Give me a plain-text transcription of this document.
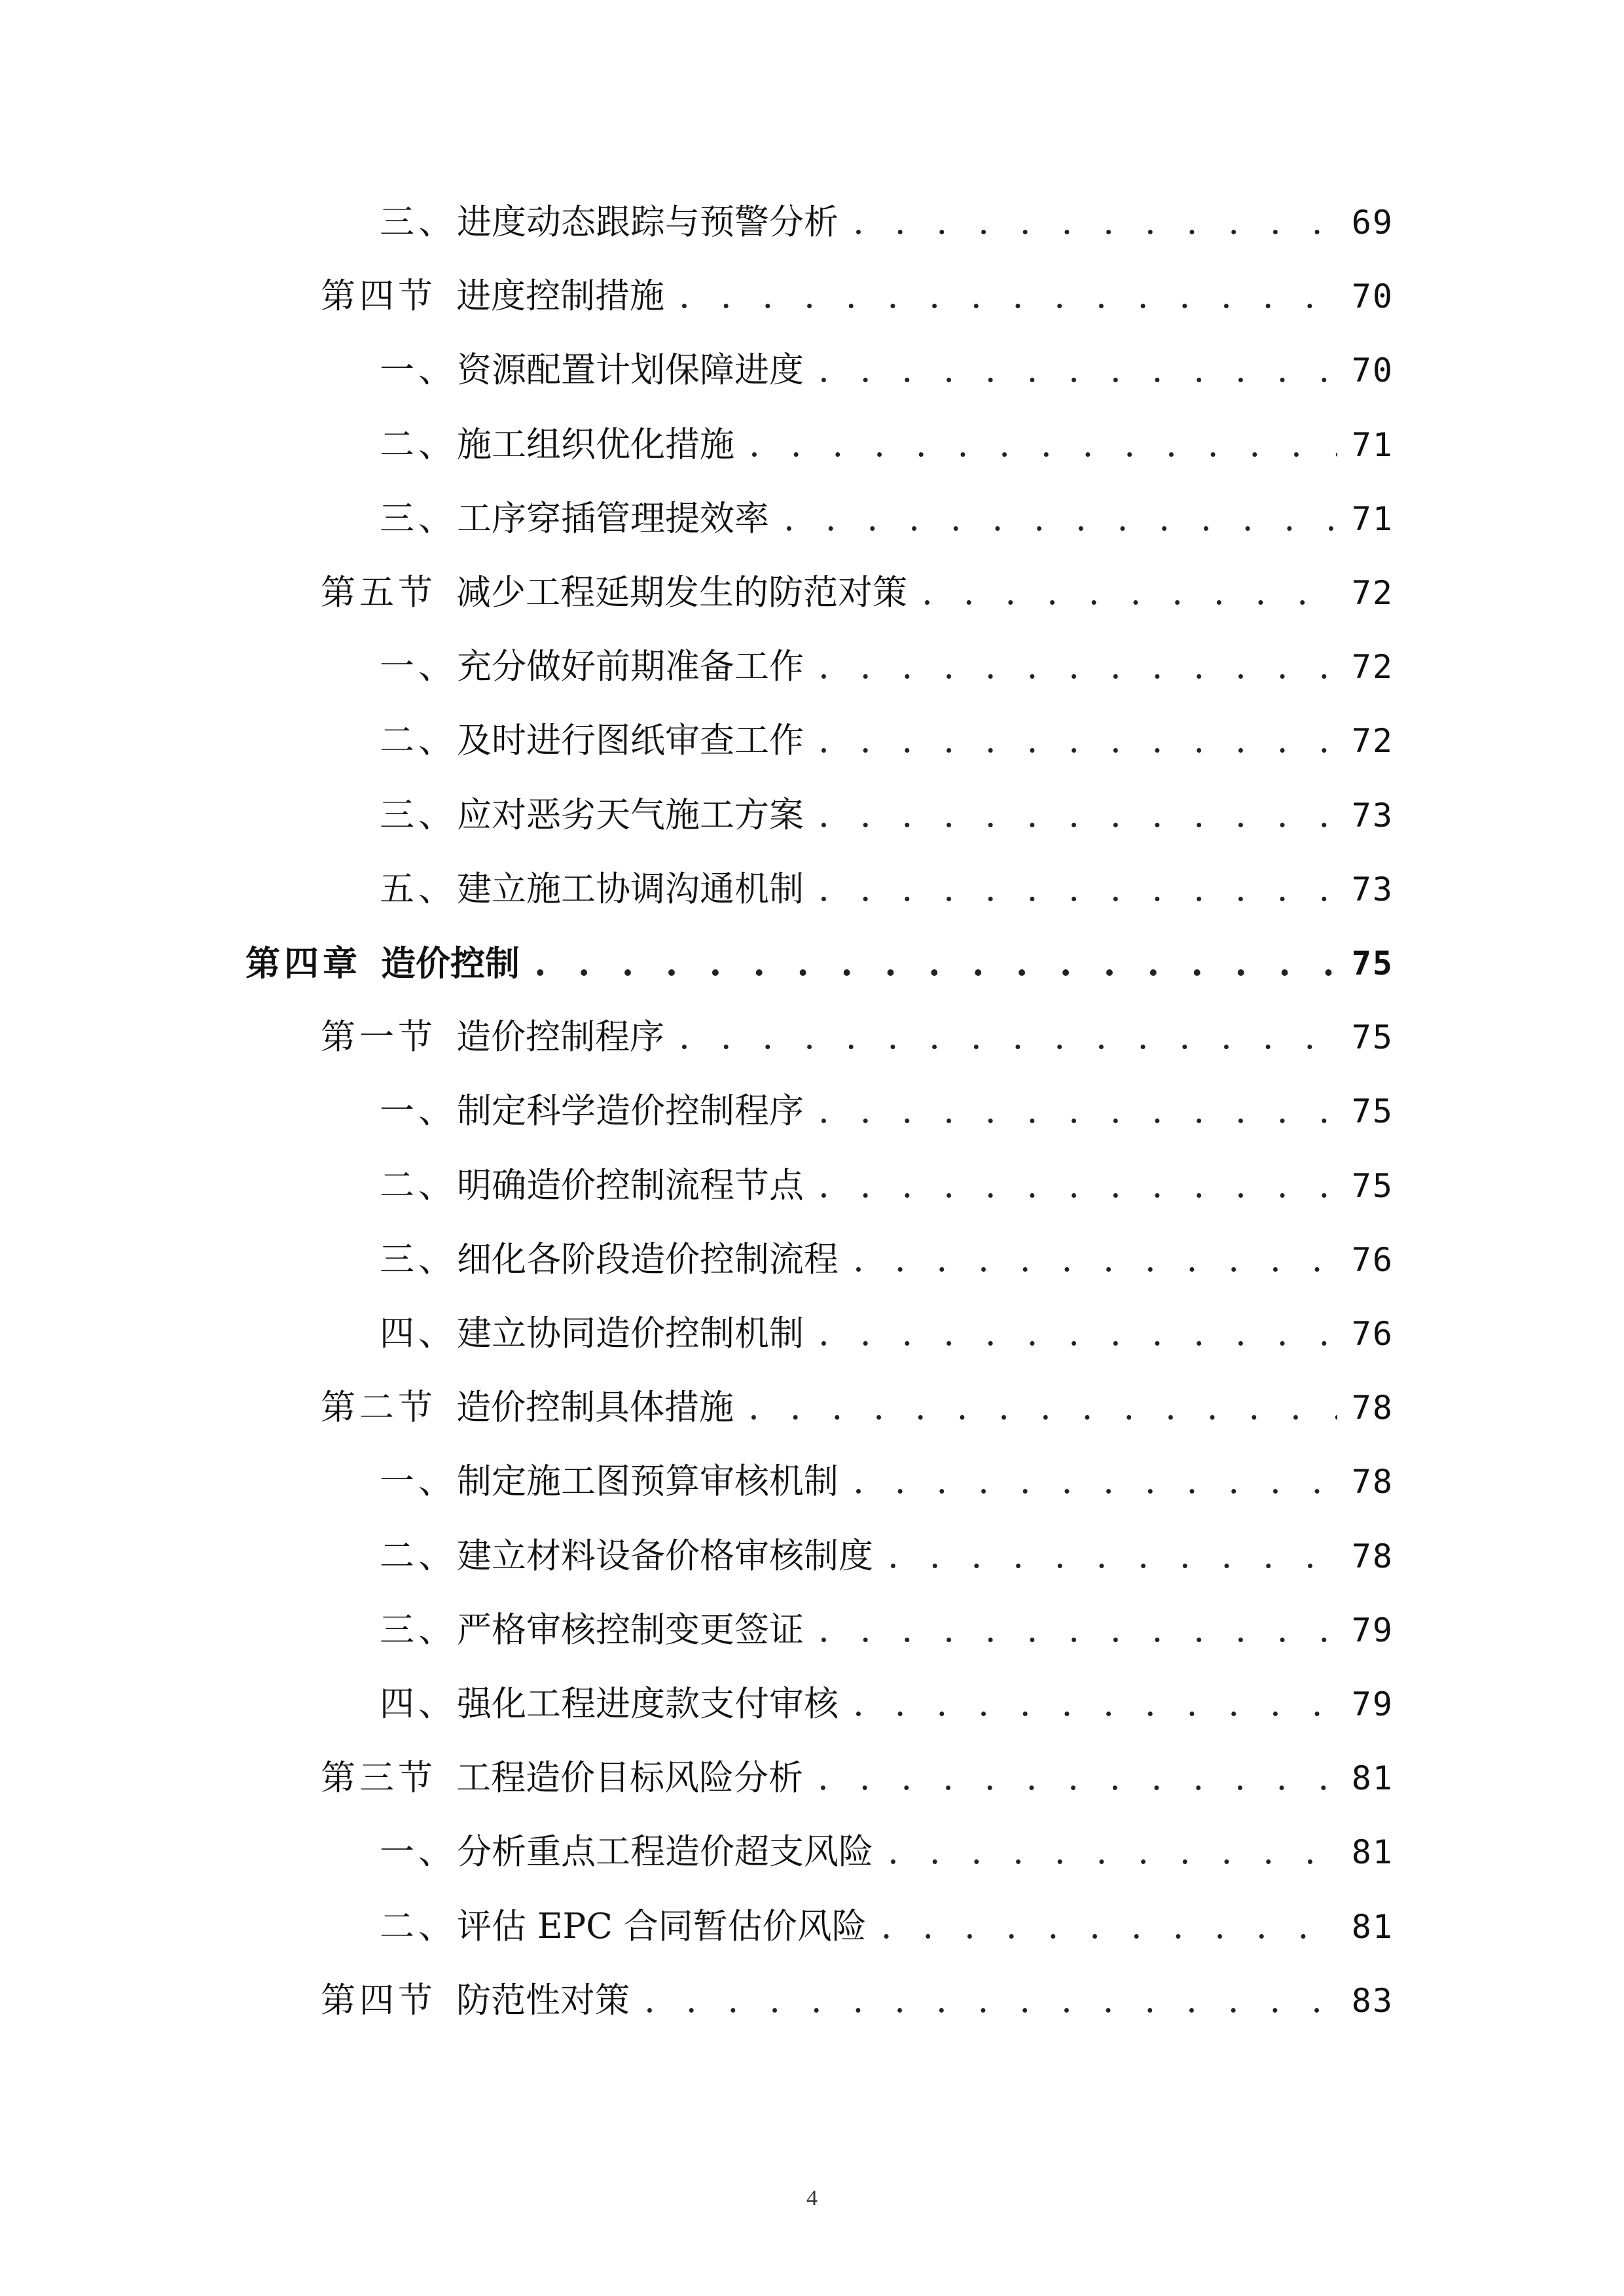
三、进度动态跟踪与预警分析 . . .	69
第四节 进度控制措施 . . .	70
一、资源配置计划保障进度 . . .	70
二、施工组织优化措施 . . .	71
三、工序穿插管理提效率 . . .	71
第五节 减少工程延期发生的防范对策 . . .	72
一、充分做好前期准备工作 . . .	72
二、及时进行图纸审查工作 . . .	72
三、应对恶劣天气施工方案 . . .	73
五、建立施工协调沟通机制 . . .	73
第四章 造价控制 . . .	75
第一节 造价控制程序 . . .	75
一、制定科学造价控制程序 . . .	75
二、明确造价控制流程节点 . . .	75
三、细化各阶段造价控制流程 . . .	76
四、建立协同造价控制机制 . . .	76
第二节 造价控制具体措施 . . .	78
一、制定施工图预算审核机制 . . .	78
二、建立材料设备价格审核制度 . . .	78
三、严格审核控制变更签证 . . .	79
四、强化工程进度款支付审核 . . .	79
第三节 工程造价目标风险分析 . . .	81
一、分析重点工程造价超支风险 . . .	81
二、评估 EPC 合同暂估价风险 . . .	81
第四节 防范性对策 . . .	83
4
